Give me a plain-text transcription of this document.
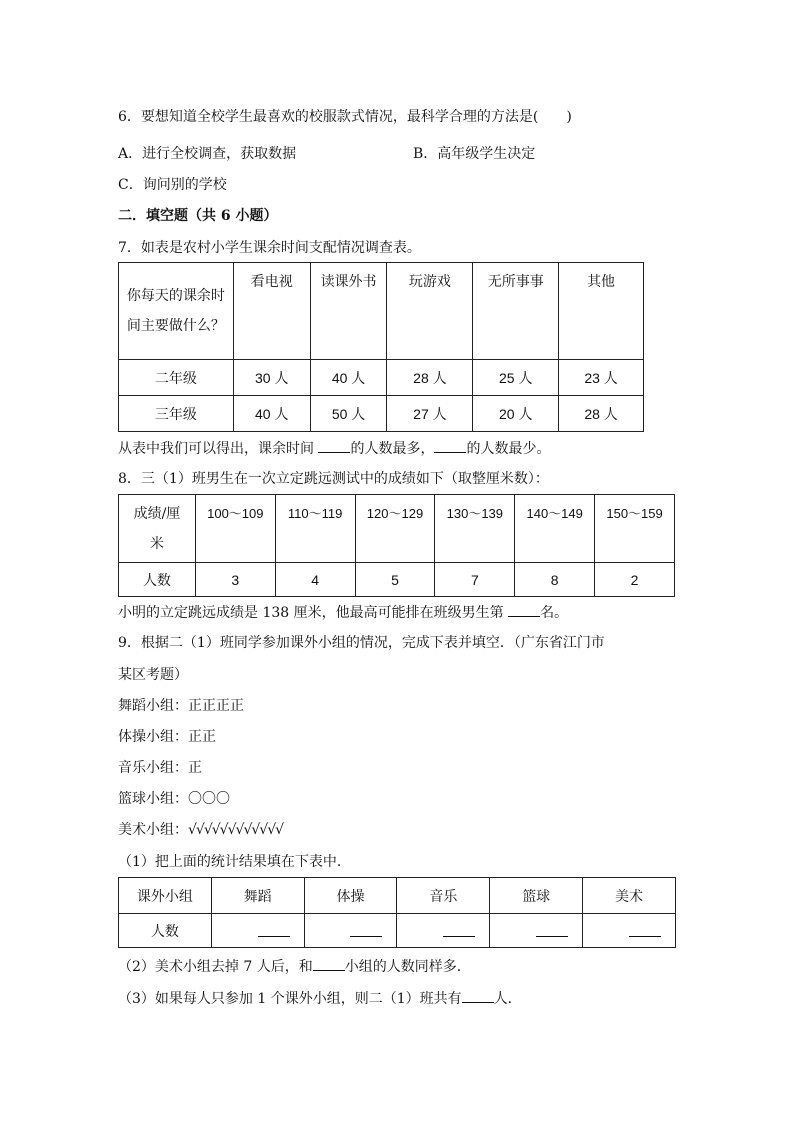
6．要想知道全校学生最喜欢的校服款式情况，最科学合理的方法是(　　)
A．进行全校调查，获取数据	B．高年级学生决定
C．询问别的学校
二．填空题（共 6 小题）
7．如表是农村小学生课余时间支配情况调查表。
你每天的课余时间主要做什么？	看电视	读课外书	玩游戏	无所事事	其他
二年级	30 人	40 人	28 人	25 人	23 人
三年级	40 人	50 人	27 人	20 人	28 人
从表中我们可以得出，课余时间 的人数最多， 的人数最少。
8．三（1）班男生在一次立定跳远测试中的成绩如下（取整厘米数）：
成绩/厘米	100～109	110～119	120～129	130～139	140～149	150～159
人数	3	4	5	7	8	2
小明的立定跳远成绩是 138 厘米，他最高可能排在班级男生第 名。
9．根据二（1）班同学参加课外小组的情况，完成下表并填空．（广东省江门市
某区考题）
舞蹈小组：正正正正
体操小组：正正
音乐小组：正
篮球小组：〇〇〇
美术小组：√√√√√√√√√√√√
（1）把上面的统计结果填在下表中．
课外小组	舞蹈	体操	音乐	篮球	美术
人数					
（2）美术小组去掉 7 人后，和 小组的人数同样多．
（3）如果每人只参加 1 个课外小组，则二（1）班共有 人．
